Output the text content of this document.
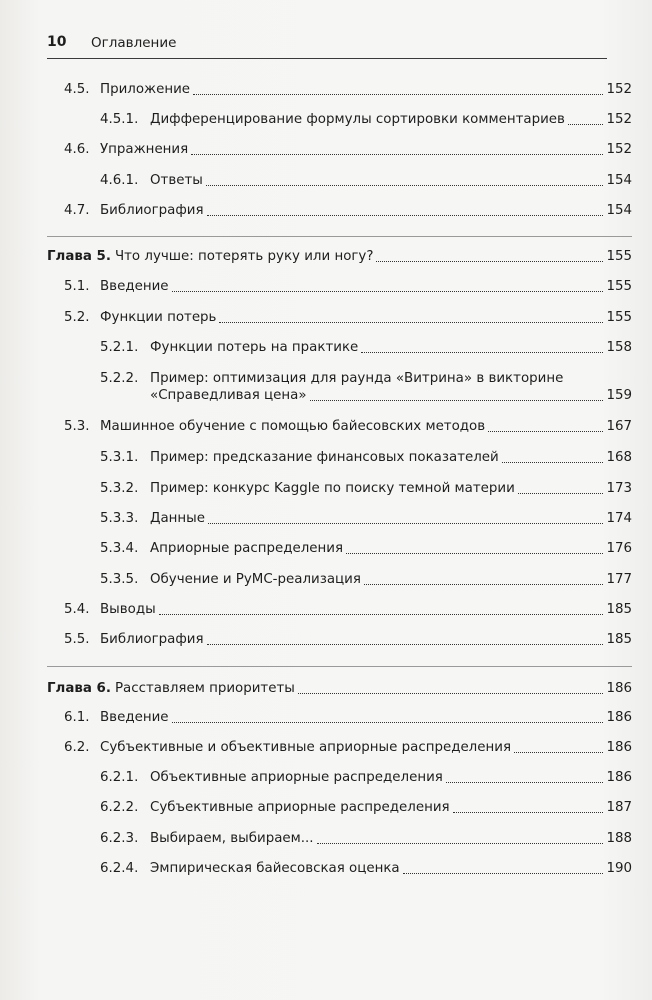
10 Оглавление
4.5. Приложение	152
4.5.1. Дифференцирование формулы сортировки комментариев	152
4.6. Упражнения	152
4.6.1. Ответы	154
4.7. Библиография	154
Глава 5. Что лучше: потерять руку или ногу?	155
5.1. Введение	155
5.2. Функции потерь	155
5.2.1. Функции потерь на практике	158
5.2.2. Пример: оптимизация для раунда «Витрина» в викторине
«Справедливая цена»	159
5.3. Машинное обучение с помощью байесовских методов	167
5.3.1. Пример: предсказание финансовых показателей	168
5.3.2. Пример: конкурс Kaggle по поиску темной материи	173
5.3.3. Данные	174
5.3.4. Априорные распределения	176
5.3.5. Обучение и PyMC-реализация	177
5.4. Выводы	185
5.5. Библиография	185
Глава 6. Расставляем приоритеты	186
6.1. Введение	186
6.2. Субъективные и объективные априорные распределения	186
6.2.1. Объективные априорные распределения	186
6.2.2. Субъективные априорные распределения	187
6.2.3. Выбираем, выбираем...	188
6.2.4. Эмпирическая байесовская оценка	190
